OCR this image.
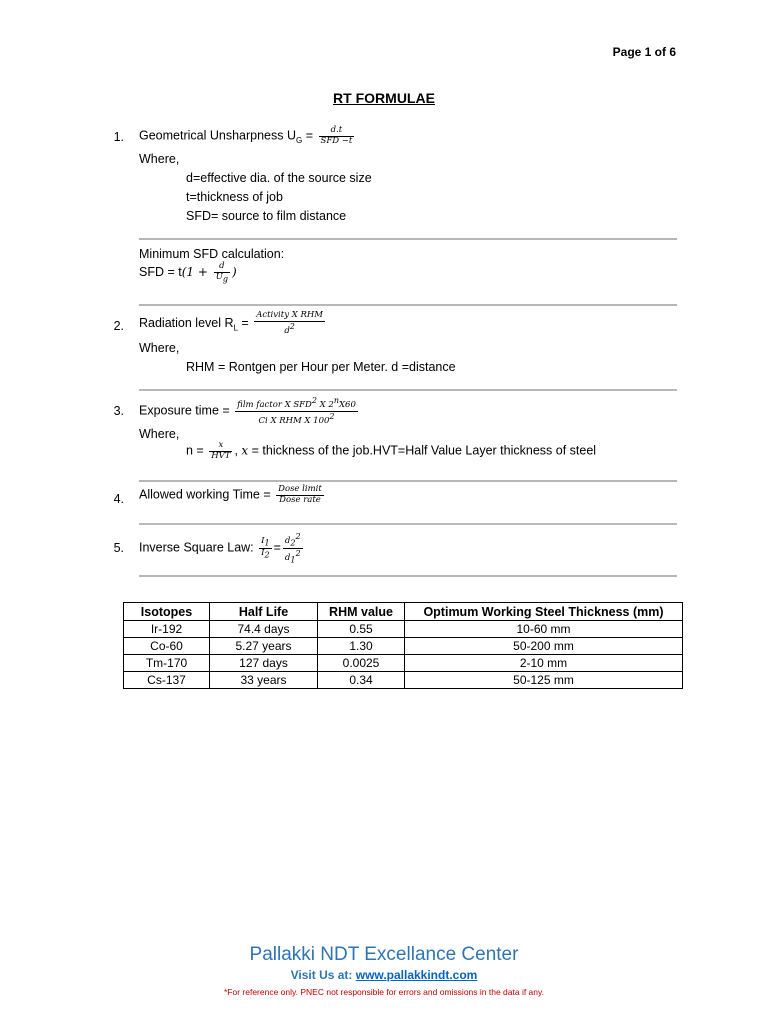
Page 1 of 6
RT FORMULAE
1. Geometrical Unsharpness $U_G = \frac{d.t}{\text{SFD −t}}$
Where,
d=effective dia. of the source size
t=thickness of job
SFD= source to film distance
Minimum SFD calculation:
SFD = $t(1 + \frac{d}{U_g}$ )
2. Radiation level $R_L = \frac{\text{Activity X RHM}}{d^2}$
Where,
RHM = Rontgen per Hour per Meter. d =distance
3. Exposure time = $\frac{film factor X SFD^2 X 2^nX60}{Ci X RHM X 100^2}$
Where,
$n = \frac{x}{\text{HVT}}$ , x = thickness of the job.HVT=Half Value Layer thickness of steel
4. Allowed working Time = $\frac{\text{Dose limit}}{\text{Dose rate}}$
5. Inverse Square Law: $\frac{I_1}{I_2} = \frac{d_2^2}{d_1^2}$
Isotopes	Half Life	RHM value	Optimum Working Steel Thickness (mm)
Ir-192	74.4 days	0.55	10-60 mm
Co-60	5.27 years	1.30	50-200 mm
Tm-170	127 days	0.0025	2-10 mm
Cs-137	33 years	0.34	50-125 mm
Pallakki NDT Excellance Center
Visit Us at: www.pallakkindt.com
*For reference only. PNEC not responsible for errors and omissions in the data if any.
